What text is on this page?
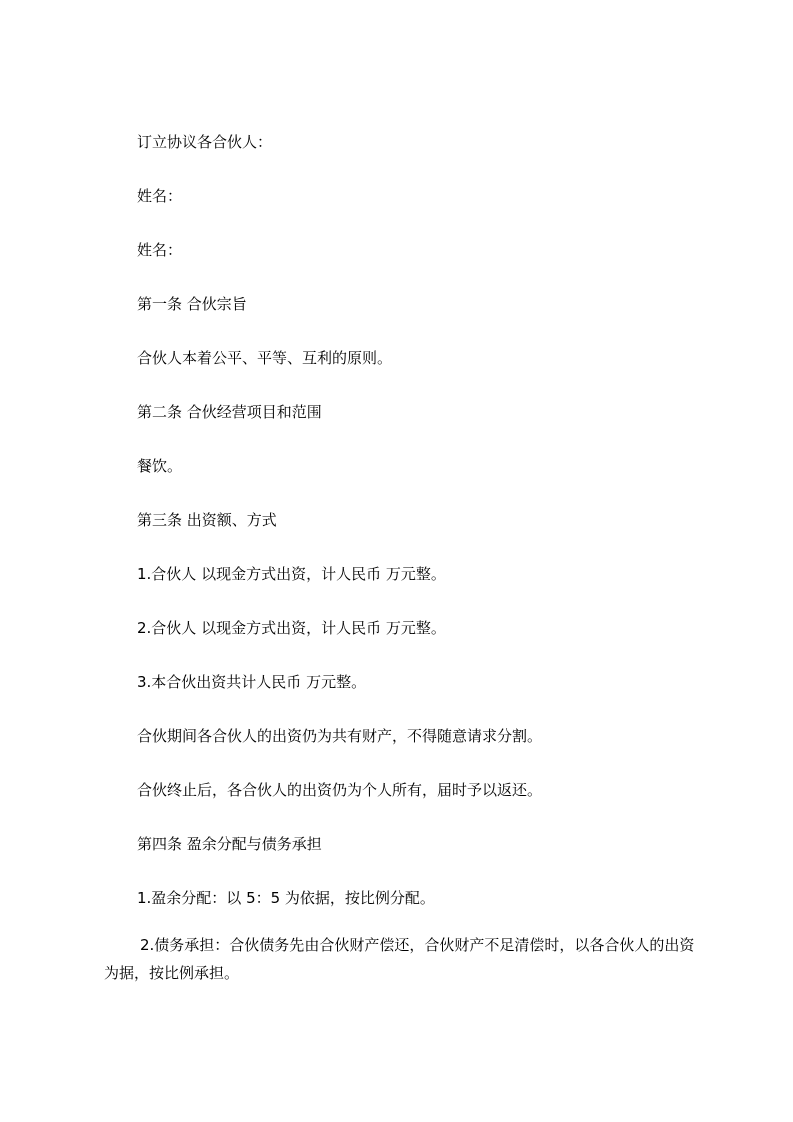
订立协议各合伙人：

姓名：

姓名：

第一条 合伙宗旨

合伙人本着公平、平等、互利的原则。

第二条 合伙经营项目和范围

餐饮。

第三条 出资额、方式

1.合伙人 以现金方式出资，计人民币 万元整。

2.合伙人 以现金方式出资，计人民币 万元整。

3.本合伙出资共计人民币 万元整。

合伙期间各合伙人的出资仍为共有财产，不得随意请求分割。

合伙终止后，各合伙人的出资仍为个人所有，届时予以返还。

第四条 盈余分配与债务承担

1.盈余分配：以 5：5 为依据，按比例分配。

2.债务承担：合伙债务先由合伙财产偿还，合伙财产不足清偿时，以各合伙人的出资为据，按比例承担。
